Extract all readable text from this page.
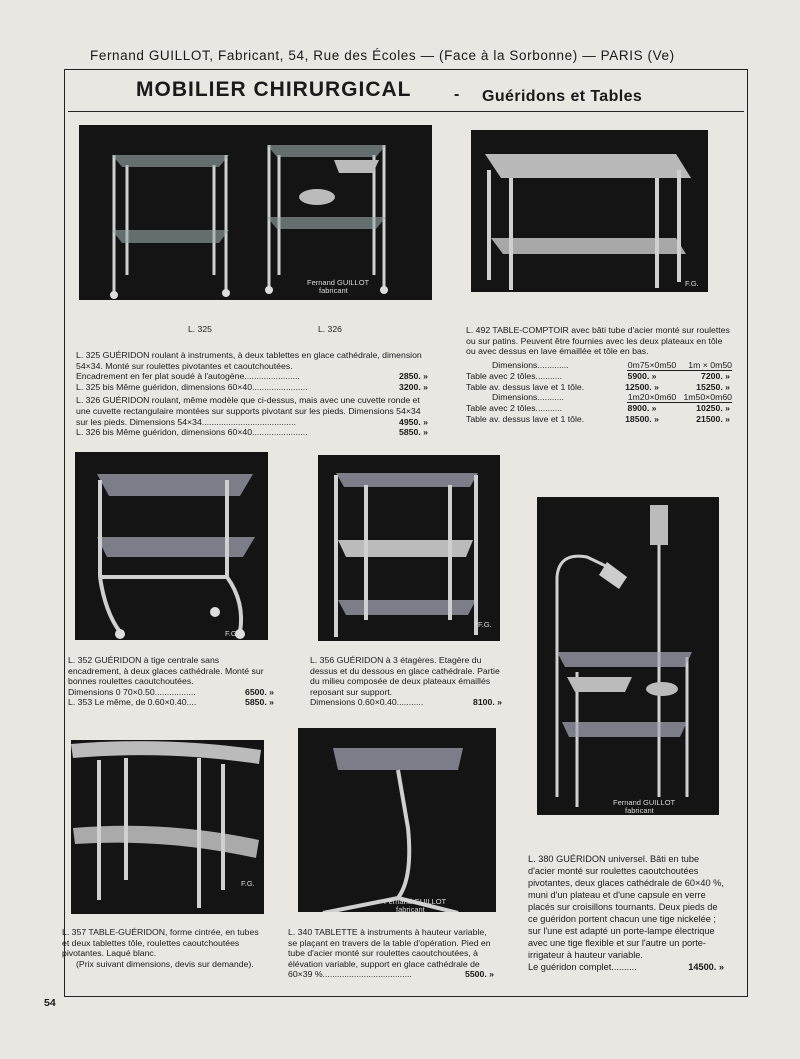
Fernand GUILLOT, Fabricant, 54, Rue des Écoles — (Face à la Sorbonne) — PARIS (Ve)
MOBILIER CHIRURGICAL	- Guéridons et Tables
Fernand GUILLOT
fabricant
L. 325	L. 326
F.G.
L. 325 GUÉRIDON roulant à instruments, à deux tablettes en glace cathédrale, dimension 54×34. Monté sur roulettes pivotantes et caoutchoutées.
Encadrement en fer plat soudé à l'autogène.......................	2850. »
L. 325 bis Même guéridon, dimensions 60×40.......................	3200. »
L. 326 GUÉRIDON roulant, même modèle que ci-dessus, mais avec une cuvette ronde et une cuvette rectangulaire montées sur supports pivotant sur les pieds. Dimensions 54×34
sur les pieds. Dimensions 54×34.......................................	4950. »
L. 326 bis Même guéridon, dimensions 60×40.......................	5850. »
L. 492 TABLE-COMPTOIR avec bâti tube d'acier monté sur roulettes ou sur patins. Peuvent être fournies avec les deux plateaux en tôle ou avec dessus en lave émaillée et tôle en bas.
Dimensions.............	0m75×0m50	1m × 0m50
Table avec 2 tôles...........	5900. »	7200. »
Table av. dessus lave et 1 tôle.	12500. »	15250. »
Dimensions...........	1m20×0m60 1m50×0m60
Table avec 2 tôles...........	8900. »	10250. »
Table av. dessus lave et 1 tôle.	18500. »	21500. »
F.G.
F.G.
Fernand GUILLOT
fabricant
L. 352 GUÉRIDON à tige centrale sans encadrement, à deux glaces cathédrale. Monté sur bonnes roulettes caoutchoutées.
Dimensions 0 70×0.50.................	6500. »
L. 353 Le même, de 0.60×0.40....	5850. »
L. 356 GUÉRIDON à 3 étagères. Etagère du dessus et du dessous en glace cathédrale. Partie du milieu composée de deux plateaux émaillés reposant sur support.
Dimensions 0.60×0.40...........	8100. »
F.G.
Fernand GUILLOT
fabricant
L. 357 TABLE-GUÉRIDON, forme cintrée, en tubes et deux tablettes tôle, roulettes caoutchoutées pivotantes. Laqué blanc.
(Prix suivant dimensions, devis sur demande).
L. 340 TABLETTE à instruments à hauteur variable, se plaçant en travers de la table d'opération. Pied en tube d'acier monté sur roulettes caoutchoutées, à élévation variable, support en glace cathédrale de
60×39 %.....................................	5500. »
L. 380 GUÉRIDON universel. Bâti en tube d'acier monté sur roulettes caoutchoutées pivotantes, deux glaces cathédrale de 60×40 %, muni d'un plateau et d'une capsule en verre placés sur croisillons tournants. Deux pieds de ce guéridon portent chacun une tige nickelée ; sur l'une est adapté un porte-lampe électrique avec une tige flexible et sur l'autre un porte-irrigateur à hauteur variable.
Le guéridon complet..........	14500. »
54
